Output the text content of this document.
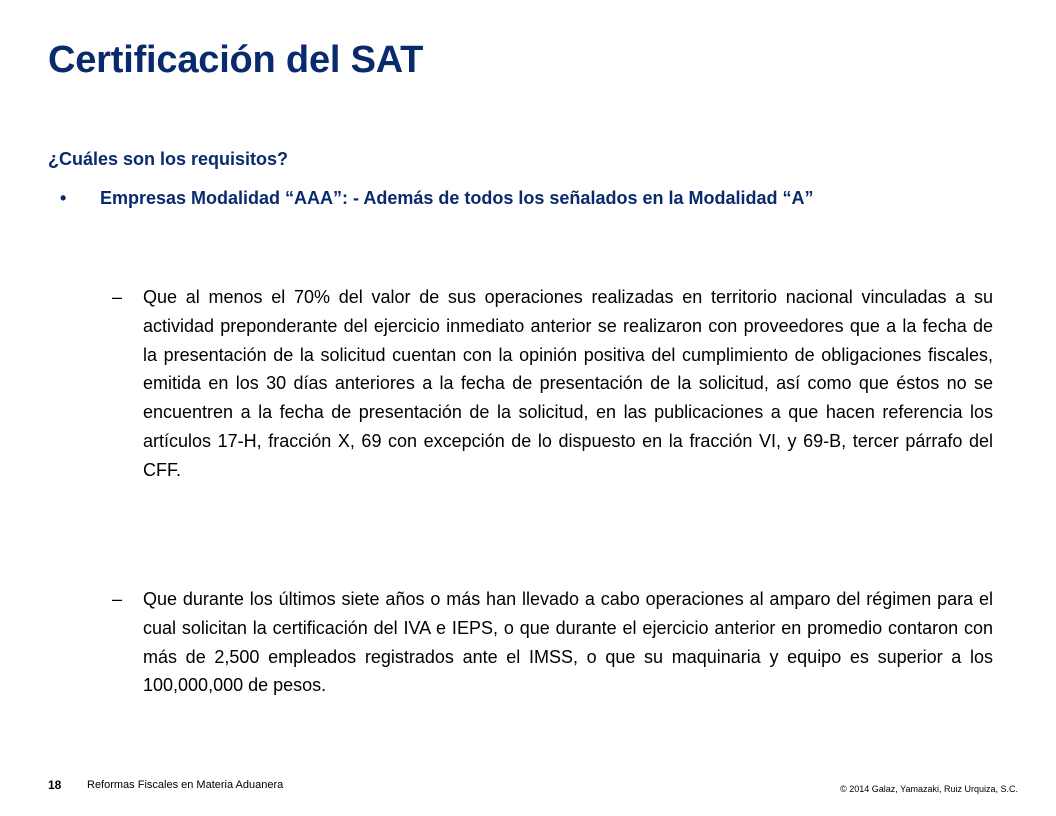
Certificación del SAT

¿Cuáles son los requisitos?

•	Empresas Modalidad “AAA”: - Además de todos los señalados en la Modalidad “A”
–	Que al menos el 70% del valor de sus operaciones realizadas en territorio nacional vinculadas a su actividad preponderante del ejercicio inmediato anterior se realizaron con proveedores que a la fecha de la presentación de la solicitud cuentan con la opinión positiva del cumplimiento de obligaciones fiscales, emitida en los 30 días anteriores a la fecha de presentación de la solicitud, así como que éstos no se encuentren a la fecha de presentación de la solicitud, en las publicaciones a que hacen referencia los artículos 17-H, fracción X, 69 con excepción de lo dispuesto en la fracción VI, y 69-B, tercer párrafo del CFF.
–	Que durante los últimos siete años o más han llevado a cabo operaciones al amparo del régimen para el cual solicitan la certificación del IVA e IEPS, o que durante el ejercicio anterior en promedio contaron con más de 2,500 empleados registrados ante el IMSS, o que su maquinaria y equipo es superior a los 100,000,000 de pesos.
18 Reformas Fiscales en Materia Aduanera	© 2014 Galaz, Yamazaki, Ruiz Urquiza, S.C.
